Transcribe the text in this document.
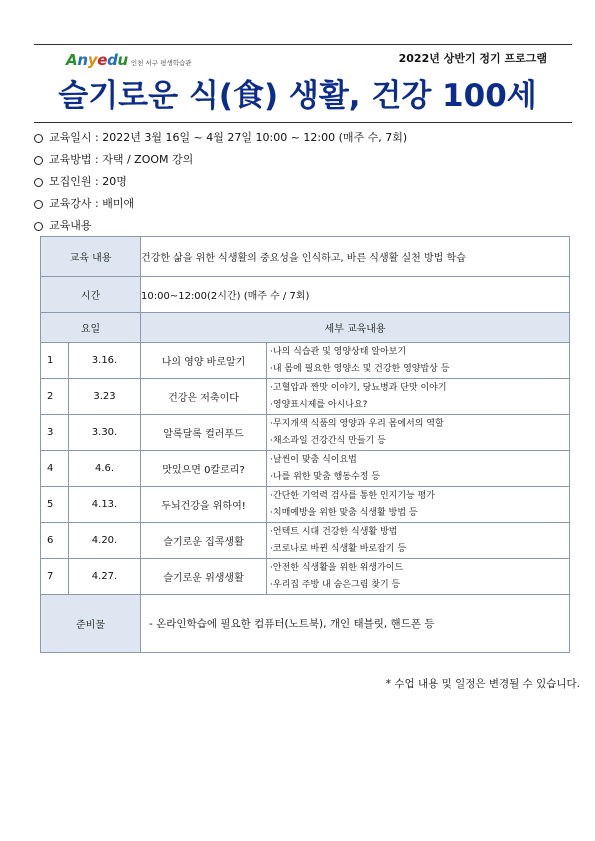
Anyedu 인천 서구 평생학습관	2022년 상반기 정기 프로그램
슬기로운 식(食) 생활, 건강 100세
교육일시 : 2022년 3월 16일 ~ 4월 27일 10:00 ~ 12:00 (매주 수, 7회)
교육방법 : 자택 / ZOOM 강의
모집인원 : 20명
교육강사 : 배미애
교육내용
교육 내용		건강한 삶을 위한 식생활의 중요성을 인식하고, 바른 식생활 실천 방법 학습	
시간		10:00~12:00(2시간) (매주 수 / 7회)	
요일		세부 교육내용	
1	3.16.	나의 영양 바로알기	·나의 식습관 및 영양상태 알아보기
·내 몸에 필요한 영양소 및 건강한 영양밥상 등

2	3.23	건강은 저축이다	·고혈압과 짠맛 이야기, 당뇨병과 단맛 이야기
·영양표시제를 아시나요?

3	3.30.	알록달록 컬러푸드	·무지개색 식품의 영양과 우리 몸에서의 역할
·채소과일 건강간식 만들기 등

4	4.6.	맛있으면 0칼로리?	·날씬이 맞춤 식이요법
·나를 위한 맞춤 행동수정 등

5	4.13.	두뇌건강을 위하여!	·간단한 기억력 검사를 통한 인지기능 평가
·치매예방을 위한 맞춤 식생활 방법 등

6	4.20.	슬기로운 집콕생활	·언택트 시대 건강한 식생활 방법
·코로나로 바뀐 식생활 바로잡기 등

7	4.27.	슬기로운 위생생활	·안전한 식생활을 위한 위생가이드
·우리집 주방 내 숨은그림 찾기 등

준비물		- 온라인학습에 필요한 컴퓨터(노트북), 개인 태블릿, 핸드폰 등	
* 수업 내용 및 일정은 변경될 수 있습니다.
